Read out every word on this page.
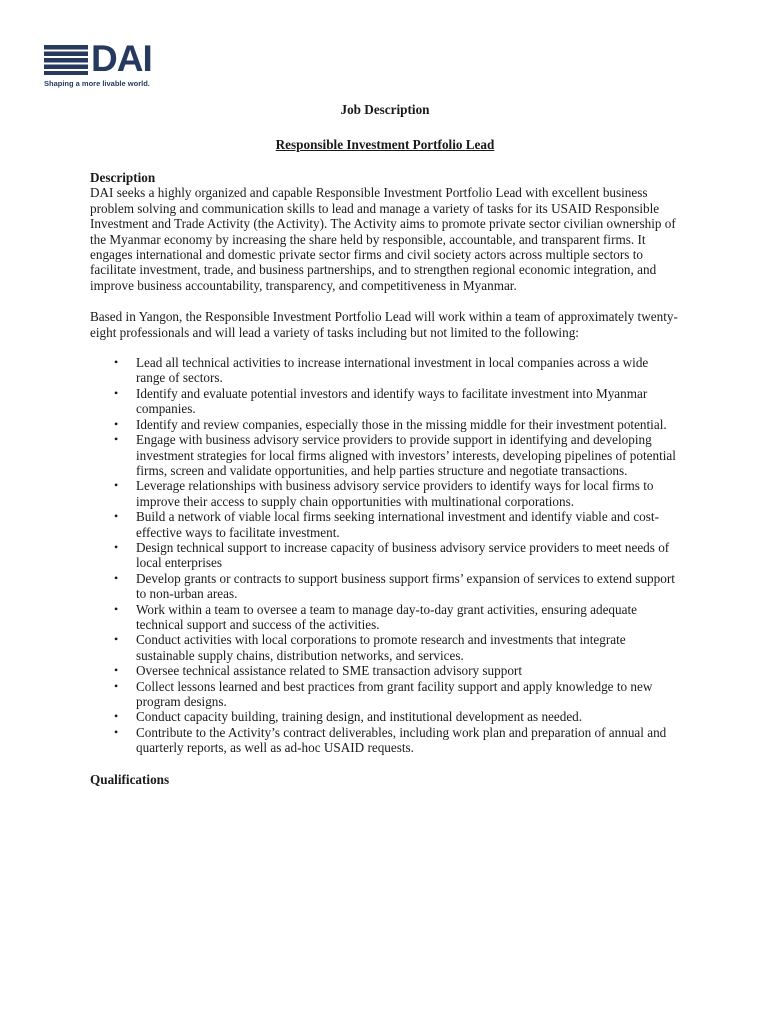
DAI
Shaping a more livable world.

Job Description

Responsible Investment Portfolio Lead

Description

DAI seeks a highly organized and capable Responsible Investment Portfolio Lead with excellent business problem solving and communication skills to lead and manage a variety of tasks for its USAID Responsible Investment and Trade Activity (the Activity). The Activity aims to promote private sector civilian ownership of the Myanmar economy by increasing the share held by responsible, accountable, and transparent firms. It engages international and domestic private sector firms and civil society actors across multiple sectors to facilitate investment, trade, and business partnerships, and to strengthen regional economic integration, and improve business accountability, transparency, and competitiveness in Myanmar.

Based in Yangon, the Responsible Investment Portfolio Lead will work within a team of approximately twenty-eight professionals and will lead a variety of tasks including but not limited to the following:

• Lead all technical activities to increase international investment in local companies across a wide range of sectors.
• Identify and evaluate potential investors and identify ways to facilitate investment into Myanmar companies.
• Identify and review companies, especially those in the missing middle for their investment potential.
• Engage with business advisory service providers to provide support in identifying and developing investment strategies for local firms aligned with investors’ interests, developing pipelines of potential firms, screen and validate opportunities, and help parties structure and negotiate transactions.
• Leverage relationships with business advisory service providers to identify ways for local firms to improve their access to supply chain opportunities with multinational corporations.
• Build a network of viable local firms seeking international investment and identify viable and cost-effective ways to facilitate investment.
• Design technical support to increase capacity of business advisory service providers to meet needs of local enterprises
• Develop grants or contracts to support business support firms’ expansion of services to extend support to non-urban areas.
• Work within a team to oversee a team to manage day-to-day grant activities, ensuring adequate technical support and success of the activities.
• Conduct activities with local corporations to promote research and investments that integrate sustainable supply chains, distribution networks, and services.
• Oversee technical assistance related to SME transaction advisory support
• Collect lessons learned and best practices from grant facility support and apply knowledge to new program designs.
• Conduct capacity building, training design, and institutional development as needed.
• Contribute to the Activity’s contract deliverables, including work plan and preparation of annual and quarterly reports, as well as ad-hoc USAID requests.

Qualifications
